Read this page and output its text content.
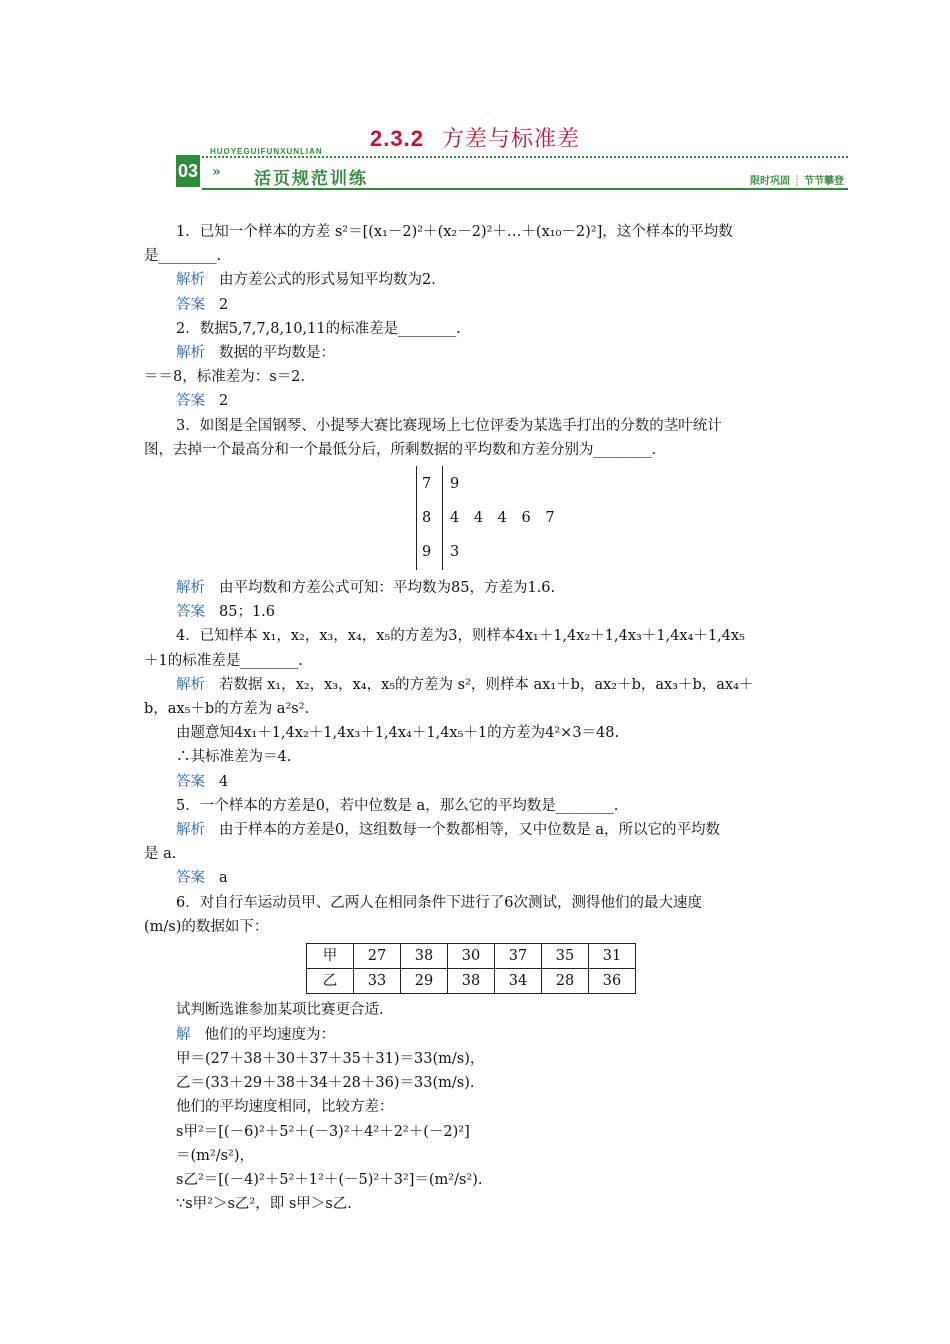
2.3.2 方差与标准差
03
HUOYEGUIFUNXUNLIAN
» 活页规范训练	限时巩固 ┊ 节节攀登

1．已知一个样本的方差 s²＝[(x₁－2)²＋(x₂－2)²＋…＋(x₁₀－2)²]，这个样本的平均数

是________.

解析 由方差公式的形式易知平均数为2.

答案 2

2．数据5,7,7,8,10,11的标准差是________.

解析 数据的平均数是：

＝＝8，标准差为：s＝2.

答案 2

3．如图是全国钢琴、小提琴大赛比赛现场上七位评委为某选手打出的分数的茎叶统计

图，去掉一个最高分和一个最低分后，所剩数据的平均数和方差分别为________.

7 9
8 4 4 4 6 7
9 3

解析 由平均数和方差公式可知：平均数为85，方差为1.6.

答案 85；1.6

4．已知样本 x₁，x₂，x₃，x₄，x₅的方差为3，则样本4x₁＋1,4x₂＋1,4x₃＋1,4x₄＋1,4x₅

＋1的标准差是________.

解析 若数据 x₁，x₂，x₃，x₄，x₅的方差为 s²，则样本 ax₁＋b，ax₂＋b，ax₃＋b，ax₄＋

b，ax₅＋b的方差为 a²s².

由题意知4x₁＋1,4x₂＋1,4x₃＋1,4x₄＋1,4x₅＋1的方差为4²×3＝48.

∴其标准差为＝4.

答案 4

5．一个样本的方差是0，若中位数是 a，那么它的平均数是________.

解析 由于样本的方差是0，这组数每一个数都相等，又中位数是 a，所以它的平均数

是 a.

答案 a

6．对自行车运动员甲、乙两人在相同条件下进行了6次测试，测得他们的最大速度

(m/s)的数据如下：

甲	27	38	30	37	35	31
乙	33	29	38	34	28	36

试判断选谁参加某项比赛更合适.

解 他们的平均速度为：

甲＝(27＋38＋30＋37＋35＋31)＝33(m/s)，

乙＝(33＋29＋38＋34＋28＋36)＝33(m/s).

他们的平均速度相同，比较方差：

s甲²＝[(－6)²＋5²＋(－3)²＋4²＋2²＋(－2)²]

＝(m²/s²)，

s乙²＝[(－4)²＋5²＋1²＋(－5)²＋3²]＝(m²/s²).

∵s甲²＞s乙²，即 s甲＞s乙.
